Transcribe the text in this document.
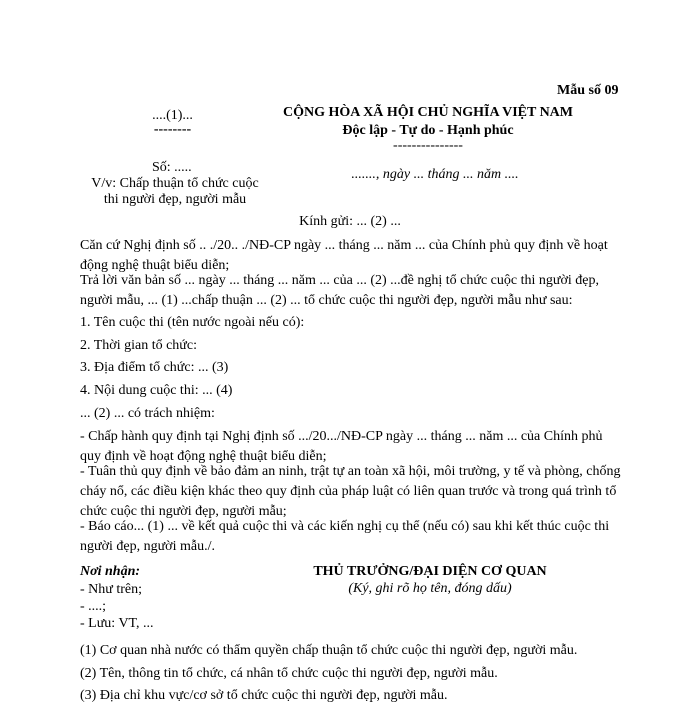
Mẫu số 09
....(1)...
--------
CỘNG HÒA XÃ HỘI CHỦ NGHĨA VIỆT NAM
Độc lập - Tự do - Hạnh phúc
---------------
Số: .....
V/v: Chấp thuận tổ chức cuộc
thi người đẹp, người mẫu
......., ngày ... tháng ... năm ....
Kính gửi: ... (2) ...
Căn cứ Nghị định số .. ./20.. ./NĐ-CP ngày ... tháng ... năm ... của Chính phủ quy định về hoạt động nghệ thuật biểu diễn;
Trả lời văn bản số ... ngày ... tháng ... năm ... của ... (2) ...đề nghị tổ chức cuộc thi người đẹp, người mẫu, ... (1) ...chấp thuận ... (2) ... tổ chức cuộc thi người đẹp, người mẫu như sau:
1. Tên cuộc thi (tên nước ngoài nếu có):
2. Thời gian tổ chức:
3. Địa điểm tổ chức: ... (3)
4. Nội dung cuộc thi: ... (4)
... (2) ... có trách nhiệm:
- Chấp hành quy định tại Nghị định số .../20.../NĐ-CP ngày ... tháng ... năm ... của Chính phủ quy định về hoạt động nghệ thuật biểu diễn;
- Tuân thủ quy định về bảo đảm an ninh, trật tự an toàn xã hội, môi trường, y tế và phòng, chống cháy nổ, các điều kiện khác theo quy định của pháp luật có liên quan trước và trong quá trình tổ chức cuộc thi người đẹp, người mẫu;
- Báo cáo... (1) ... về kết quả cuộc thi và các kiến nghị cụ thể (nếu có) sau khi kết thúc cuộc thi người đẹp, người mẫu./.
Nơi nhận:
- Như trên;
- ....;
- Lưu: VT, ...
THỦ TRƯỞNG/ĐẠI DIỆN CƠ QUAN
(Ký, ghi rõ họ tên, đóng dấu)
(1) Cơ quan nhà nước có thẩm quyền chấp thuận tổ chức cuộc thi người đẹp, người mẫu.
(2) Tên, thông tin tổ chức, cá nhân tổ chức cuộc thi người đẹp, người mẫu.
(3) Địa chỉ khu vực/cơ sở tổ chức cuộc thi người đẹp, người mẫu.
